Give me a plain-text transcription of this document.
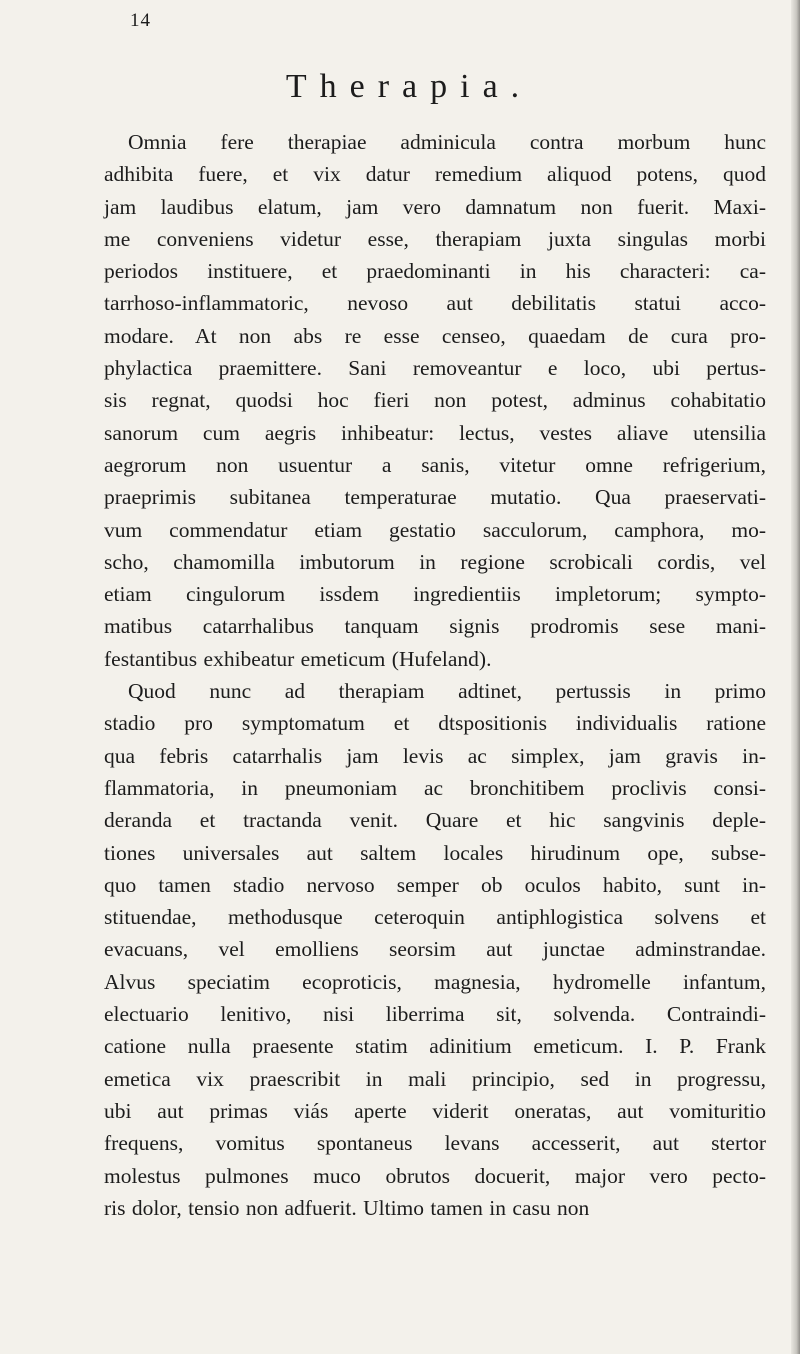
14
Therapia.
Omnia fere therapiae adminicula contra morbum hunc
adhibita fuere, et vix datur remedium aliquod potens, quod
jam laudibus elatum, jam vero damnatum non fuerit. Maxi-
me conveniens videtur esse, therapiam juxta singulas morbi
periodos instituere, et praedominanti in his characteri: ca-
tarrhoso-inflammatoric, nevoso aut debilitatis statui acco-
modare. At non abs re esse censeo, quaedam de cura pro-
phylactica praemittere. Sani removeantur e loco, ubi pertus-
sis regnat, quodsi hoc fieri non potest, adminus cohabitatio
sanorum cum aegris inhibeatur: lectus, vestes aliave utensilia
aegrorum non usuentur a sanis, vitetur omne refrigerium,
praeprimis subitanea temperaturae mutatio. Qua praeservati-
vum commendatur etiam gestatio sacculorum, camphora, mo-
scho, chamomilla imbutorum in regione scrobicali cordis, vel
etiam cingulorum issdem ingredientiis impletorum; sympto-
matibus catarrhalibus tanquam signis prodromis sese mani-
festantibus exhibeatur emeticum (Hufeland).
Quod nunc ad therapiam adtinet, pertussis in primo
stadio pro symptomatum et dtspositionis individualis ratione
qua febris catarrhalis jam levis ac simplex, jam gravis in-
flammatoria, in pneumoniam ac bronchitibem proclivis consi-
deranda et tractanda venit. Quare et hic sangvinis deple-
tiones universales aut saltem locales hirudinum ope, subse-
quo tamen stadio nervoso semper ob oculos habito, sunt in-
stituendae, methodusque ceteroquin antiphlogistica solvens et
evacuans, vel emolliens seorsim aut junctae adminstrandae.
Alvus speciatim ecoproticis, magnesia, hydromelle infantum,
electuario lenitivo, nisi liberrima sit, solvenda. Contraindi-
catione nulla praesente statim adinitium emeticum. I. P. Frank
emetica vix praescribit in mali principio, sed in progressu,
ubi aut primas viás aperte viderit oneratas, aut vomituritio
frequens, vomitus spontaneus levans accesserit, aut stertor
molestus pulmones muco obrutos docuerit, major vero pecto-
ris dolor, tensio non adfuerit. Ultimo tamen in casu non
